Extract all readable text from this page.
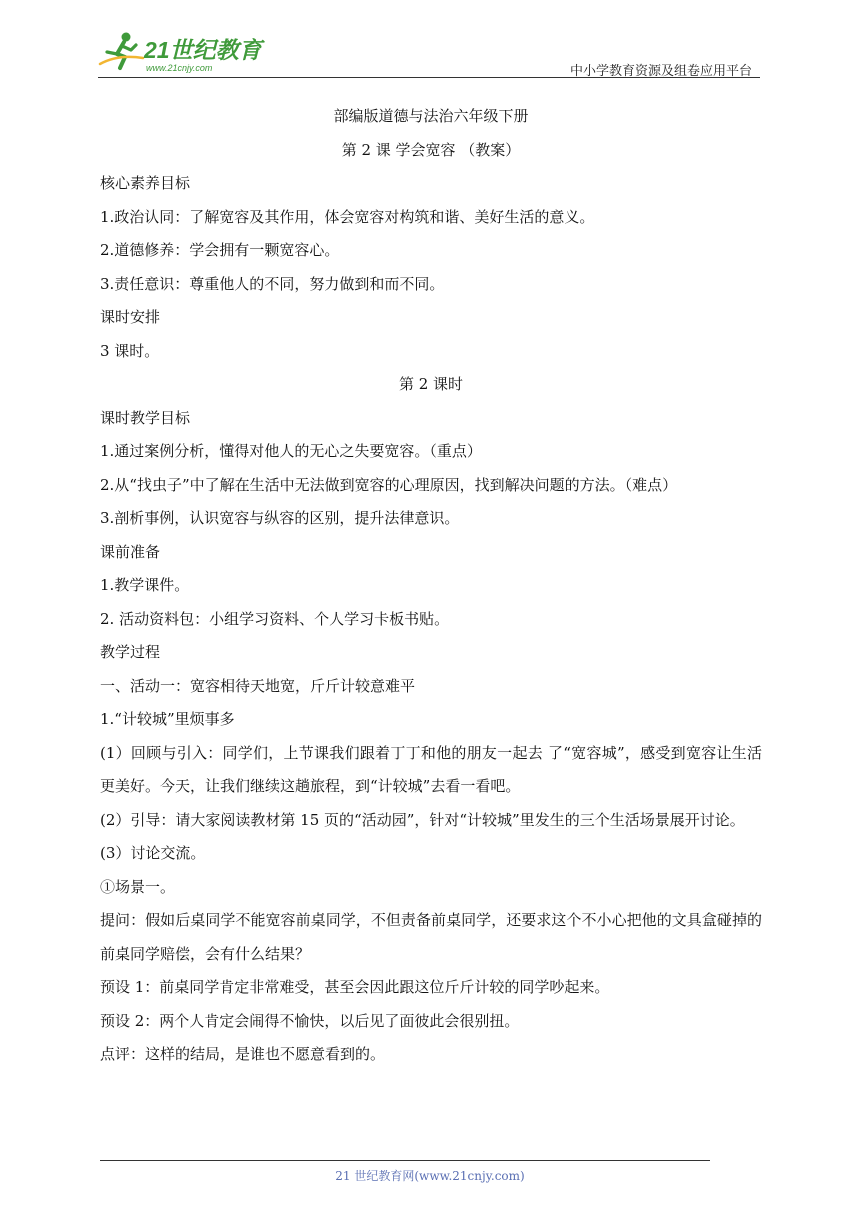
21世纪教育
www.21cnjy.com	中小学教育资源及组卷应用平台
部编版道德与法治六年级下册
第 2 课 学会宽容 （教案）
核心素养目标
1.政治认同：了解宽容及其作用，体会宽容对构筑和谐、美好生活的意义。
2.道德修养：学会拥有一颗宽容心。
3.责任意识：尊重他人的不同，努力做到和而不同。
课时安排
3 课时。
第 2 课时
课时教学目标
1.通过案例分析，懂得对他人的无心之失要宽容。（重点）
2.从“找虫子”中了解在生活中无法做到宽容的心理原因，找到解决问题的方法。（难点）
3.剖析事例，认识宽容与纵容的区别，提升法律意识。
课前准备
1.教学课件。
2. 活动资料包：小组学习资料、个人学习卡板书贴。
教学过程
一、活动一：宽容相待天地宽，斤斤计较意难平
1.“计较城”里烦事多
(1）回顾与引入：同学们，上节课我们跟着丁丁和他的朋友一起去 了“宽容城”，感受到宽容让生活更美好。今天，让我们继续这趟旅程，到“计较城”去看一看吧。
(2）引导：请大家阅读教材第 15 页的“活动园”，针对“计较城”里发生的三个生活场景展开讨论。
(3）讨论交流。
①场景一。
提问：假如后桌同学不能宽容前桌同学，不但责备前桌同学，还要求这个不小心把他的文具盒碰掉的前桌同学赔偿，会有什么结果？
预设 1：前桌同学肯定非常难受，甚至会因此跟这位斤斤计较的同学吵起来。
预设 2：两个人肯定会闹得不愉快，以后见了面彼此会很别扭。
点评：这样的结局，是谁也不愿意看到的。
21 世纪教育网(www.21cnjy.com)
